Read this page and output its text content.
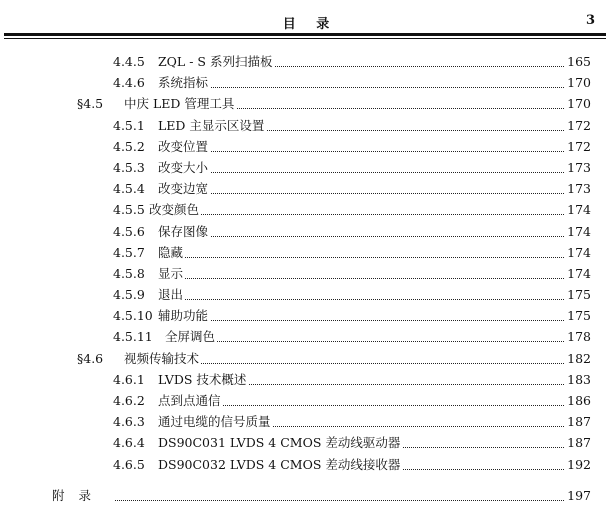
目 录	3
4.4.5 ZQL - S 系列扫描板	165
4.4.6 系统指标	170
§4.5 中庆 LED 管理工具	170
4.5.1 LED 主显示区设置	172
4.5.2 改变位置	172
4.5.3 改变大小	173
4.5.4 改变边宽	173
4.5.5 改变颜色	174
4.5.6 保存图像	174
4.5.7 隐藏	174
4.5.8 显示	174
4.5.9 退出	175
4.5.10 辅助功能	175
4.5.11 全屏调色	178
§4.6 视频传输技术	182
4.6.1 LVDS 技术概述	183
4.6.2 点到点通信	186
4.6.3 通过电缆的信号质量	187
4.6.4 DS90C031 LVDS 4 CMOS 差动线驱动器	187
4.6.5 DS90C032 LVDS 4 CMOS 差动线接收器	192
附录	197
